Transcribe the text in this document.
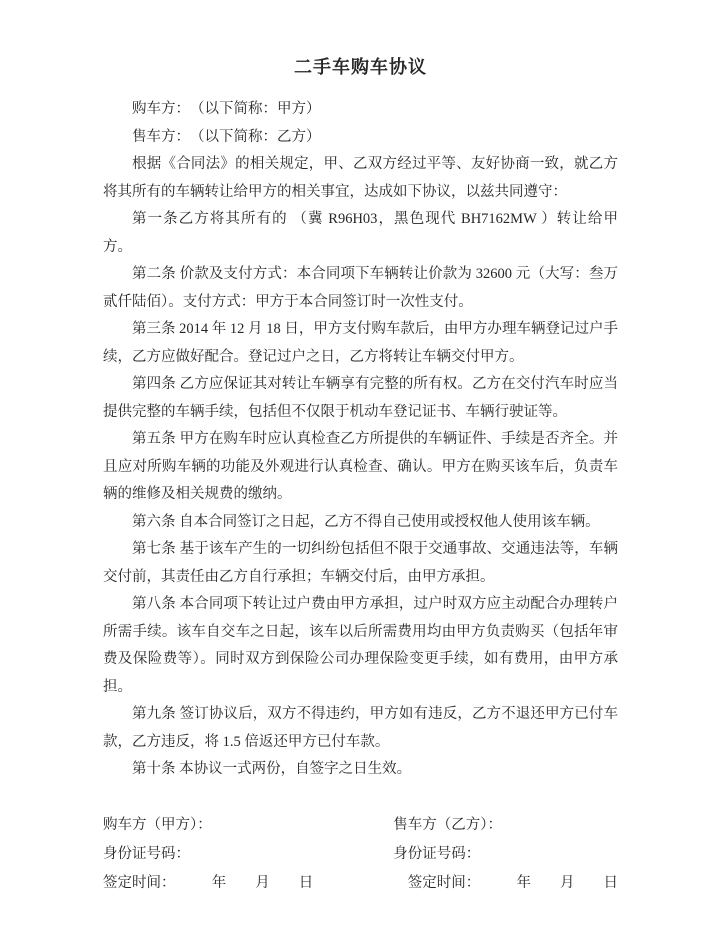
二手车购车协议

购车方：　（以下简称：甲方）

售车方：　（以下简称：乙方）

根据《合同法》的相关规定，甲、乙双方经过平等、友好协商一致，就乙方将其所有的车辆转让给甲方的相关事宜，达成如下协议，以兹共同遵守：

第一条乙方将其所有的 （冀 R96H03，黑色现代 BH7162MW ）转让给甲方。

第二条 价款及支付方式：本合同项下车辆转让价款为 32600 元（大写：叁万贰仟陆佰）。支付方式：甲方于本合同签订时一次性支付。

第三条 2014 年 12 月 18 日，甲方支付购车款后，由甲方办理车辆登记过户手续，乙方应做好配合。登记过户之日，乙方将转让车辆交付甲方。

第四条 乙方应保证其对转让车辆享有完整的所有权。乙方在交付汽车时应当提供完整的车辆手续，包括但不仅限于机动车登记证书、车辆行驶证等。

第五条 甲方在购车时应认真检查乙方所提供的车辆证件、手续是否齐全。并且应对所购车辆的功能及外观进行认真检查、确认。甲方在购买该车后，负责车辆的维修及相关规费的缴纳。

第六条 自本合同签订之日起，乙方不得自己使用或授权他人使用该车辆。

第七条 基于该车产生的一切纠纷包括但不限于交通事故、交通违法等，车辆交付前，其责任由乙方自行承担；车辆交付后，由甲方承担。

第八条 本合同项下转让过户费由甲方承担，过户时双方应主动配合办理转户所需手续。该车自交车之日起，该车以后所需费用均由甲方负责购买（包括年审费及保险费等）。同时双方到保险公司办理保险变更手续，如有费用，由甲方承担。

第九条 签订协议后，双方不得违约，甲方如有违反，乙方不退还甲方已付车款，乙方违反，将 1.5 倍返还甲方已付车款。

第十条 本协议一式两份，自签字之日生效。

购车方（甲方）：
身份证号码：
签定时间：　　　年　　月　　日
售车方（乙方）：
身份证号码：
　签定时间：　　　年　　月　　日
